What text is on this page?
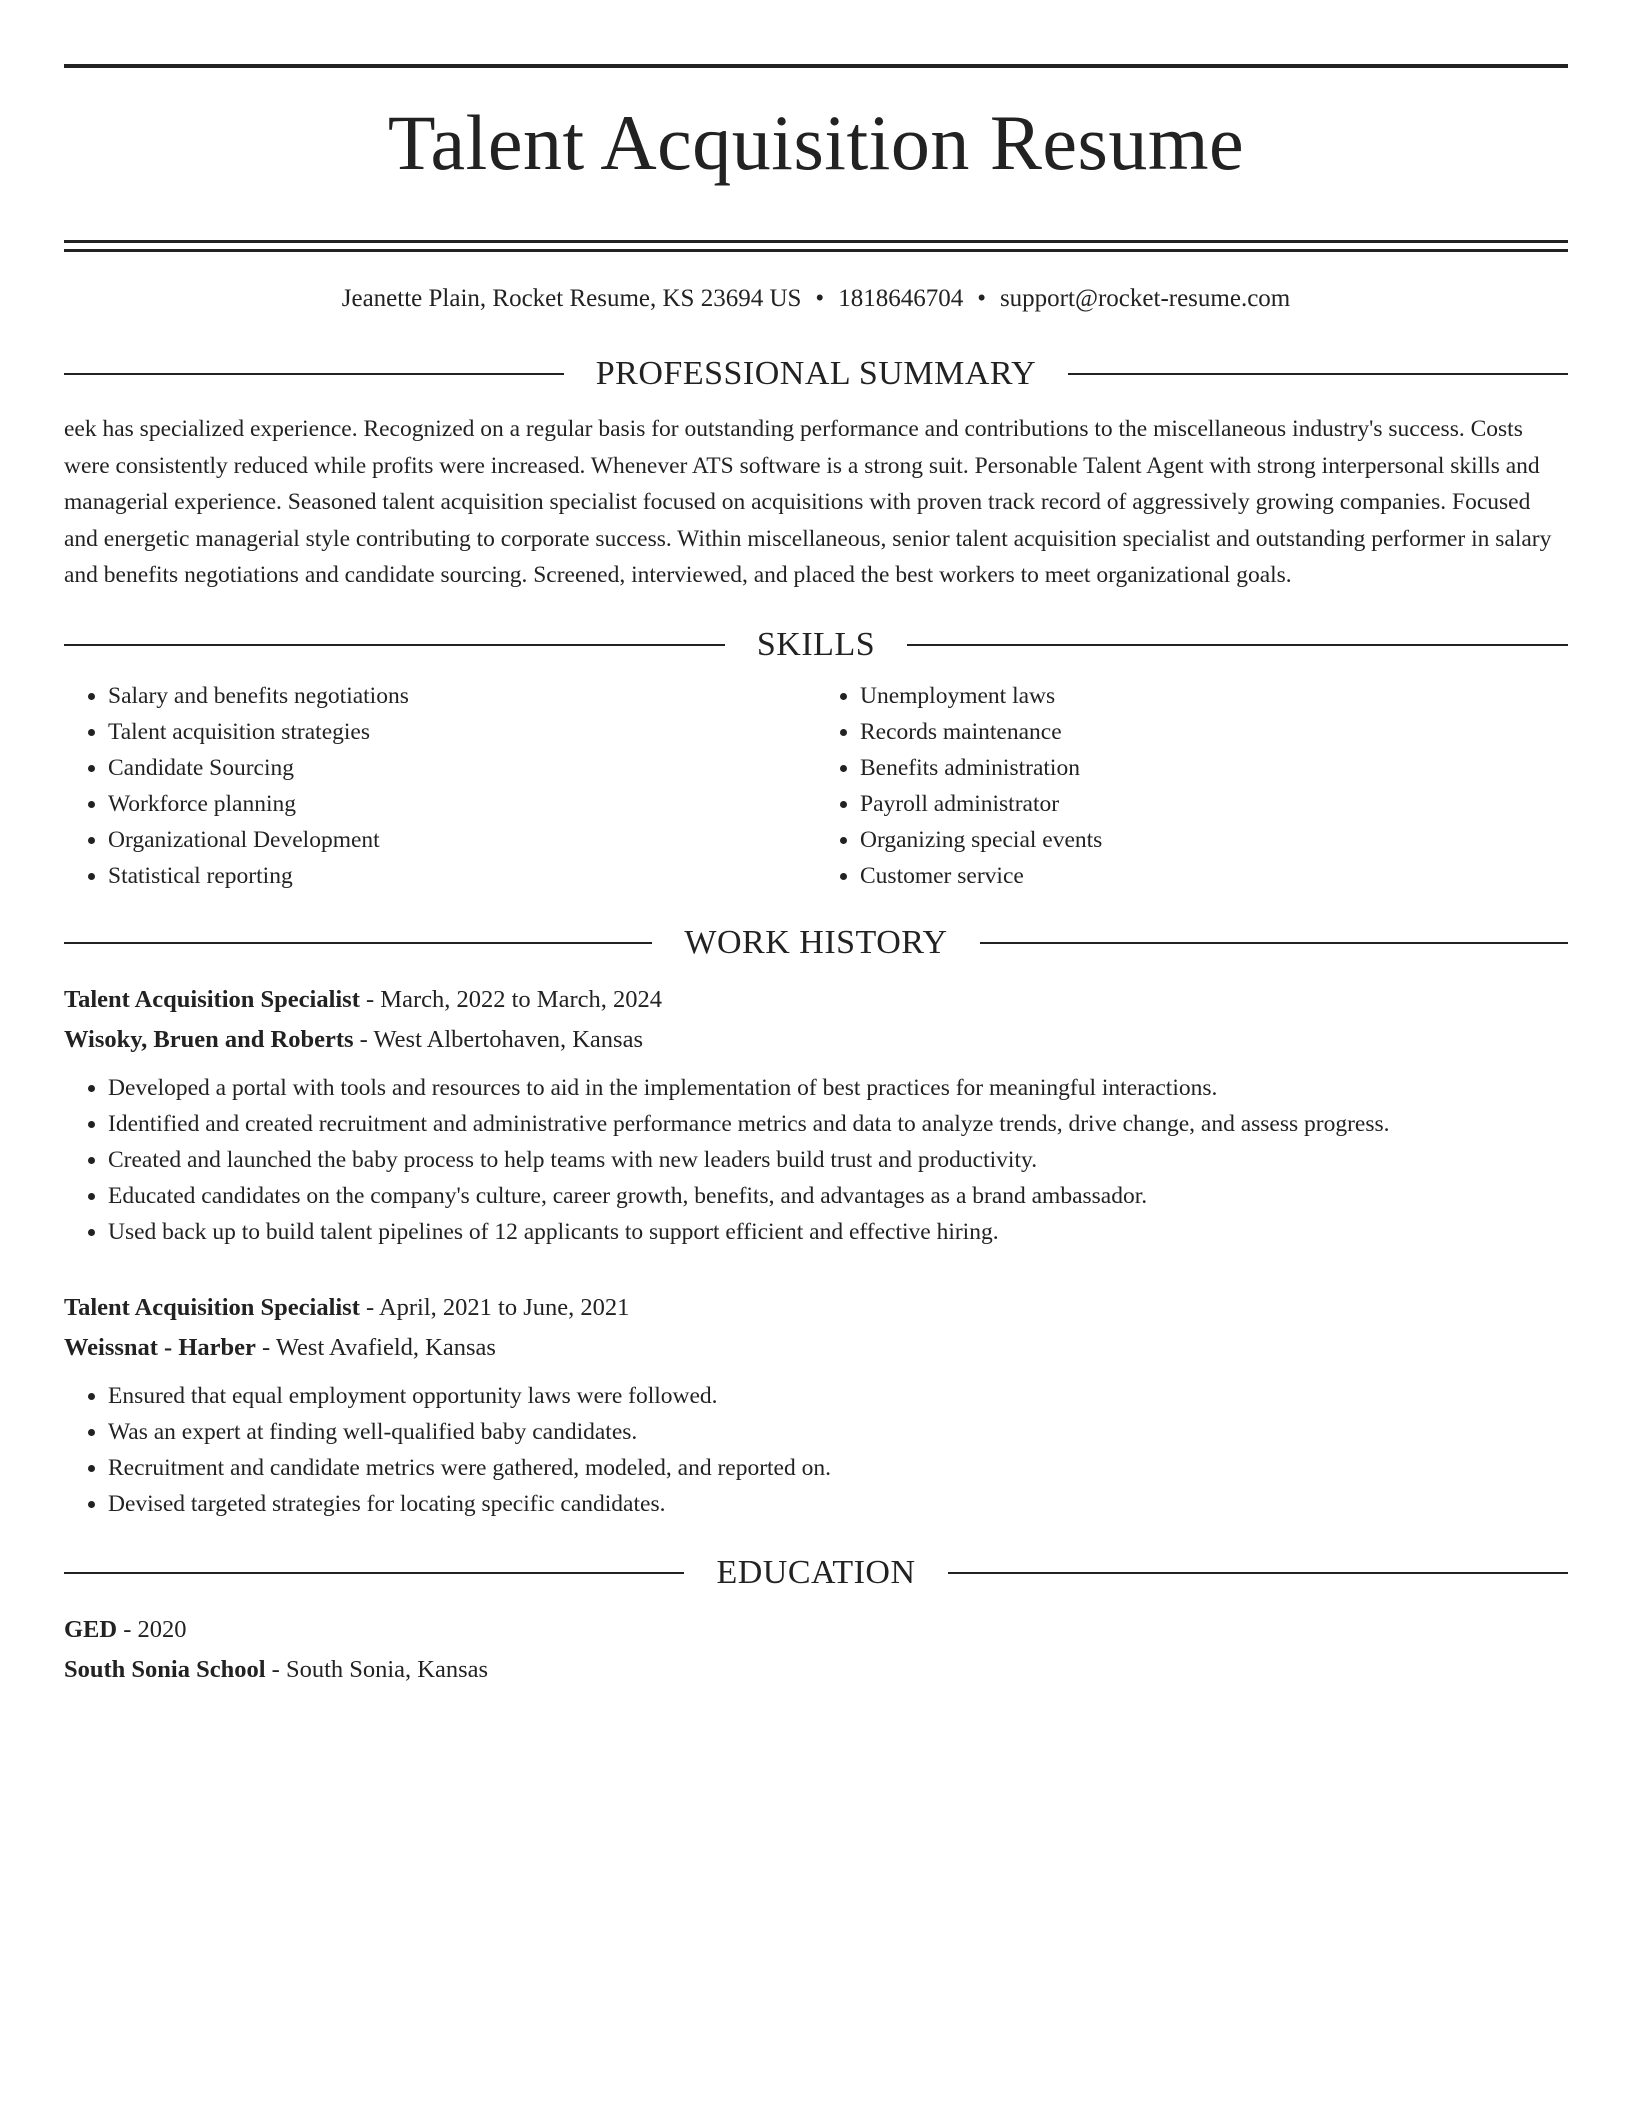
Talent Acquisition Resume
Jeanette Plain, Rocket Resume, KS 23694 US • 1818646704 • support@rocket-resume.com
PROFESSIONAL SUMMARY

eek has specialized experience. Recognized on a regular basis for outstanding performance and contributions to the miscellaneous industry's success. Costs were consistently reduced while profits were increased. Whenever ATS software is a strong suit. Personable Talent Agent with strong interpersonal skills and managerial experience. Seasoned talent acquisition specialist focused on acquisitions with proven track record of aggressively growing companies. Focused and energetic managerial style contributing to corporate success. Within miscellaneous, senior talent acquisition specialist and outstanding performer in salary and benefits negotiations and candidate sourcing. Screened, interviewed, and placed the best workers to meet organizational goals.

SKILLS
• Salary and benefits negotiations
• Talent acquisition strategies
• Candidate Sourcing
• Workforce planning
• Organizational Development
• Statistical reporting
• Unemployment laws
• Records maintenance
• Benefits administration
• Payroll administrator
• Organizing special events
• Customer service
WORK HISTORY
Talent Acquisition Specialist - March, 2022 to March, 2024
Wisoky, Bruen and Roberts - West Albertohaven, Kansas
• Developed a portal with tools and resources to aid in the implementation of best practices for meaningful interactions.
• Identified and created recruitment and administrative performance metrics and data to analyze trends, drive change, and assess progress.
• Created and launched the baby process to help teams with new leaders build trust and productivity.
• Educated candidates on the company's culture, career growth, benefits, and advantages as a brand ambassador.
• Used back up to build talent pipelines of 12 applicants to support efficient and effective hiring.
Talent Acquisition Specialist - April, 2021 to June, 2021
Weissnat - Harber - West Avafield, Kansas
• Ensured that equal employment opportunity laws were followed.
• Was an expert at finding well-qualified baby candidates.
• Recruitment and candidate metrics were gathered, modeled, and reported on.
• Devised targeted strategies for locating specific candidates.
EDUCATION
GED - 2020
South Sonia School - South Sonia, Kansas
